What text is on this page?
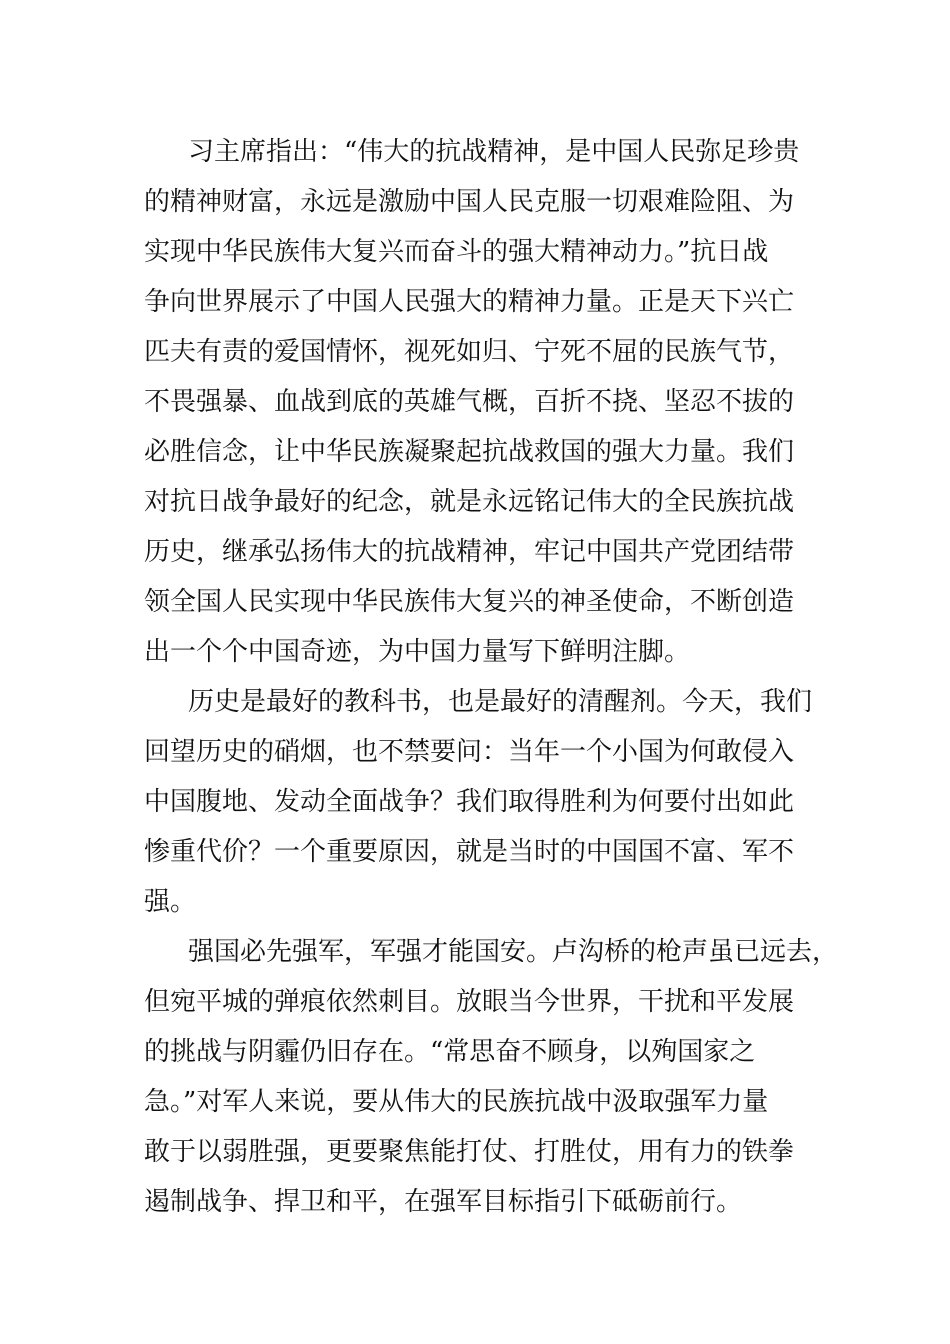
习主席指出：“伟大的抗战精神，是中国人民弥足珍贵
的精神财富，永远是激励中国人民克服一切艰难险阻、为
实现中华民族伟大复兴而奋斗的强大精神动力。”抗日战
争向世界展示了中国人民强大的精神力量。正是天下兴亡
匹夫有责的爱国情怀，视死如归、宁死不屈的民族气节，
不畏强暴、血战到底的英雄气概，百折不挠、坚忍不拔的
必胜信念，让中华民族凝聚起抗战救国的强大力量。我们
对抗日战争最好的纪念，就是永远铭记伟大的全民族抗战
历史，继承弘扬伟大的抗战精神，牢记中国共产党团结带
领全国人民实现中华民族伟大复兴的神圣使命，不断创造
出一个个中国奇迹，为中国力量写下鲜明注脚。
历史是最好的教科书，也是最好的清醒剂。今天，我们
回望历史的硝烟，也不禁要问：当年一个小国为何敢侵入
中国腹地、发动全面战争？我们取得胜利为何要付出如此
惨重代价？一个重要原因，就是当时的中国国不富、军不
强。
强国必先强军，军强才能国安。卢沟桥的枪声虽已远去，
但宛平城的弹痕依然刺目。放眼当今世界，干扰和平发展
的挑战与阴霾仍旧存在。“常思奋不顾身，以殉国家之
急。”对军人来说，要从伟大的民族抗战中汲取强军力量
敢于以弱胜强，更要聚焦能打仗、打胜仗，用有力的铁拳
遏制战争、捍卫和平，在强军目标指引下砥砺前行。
